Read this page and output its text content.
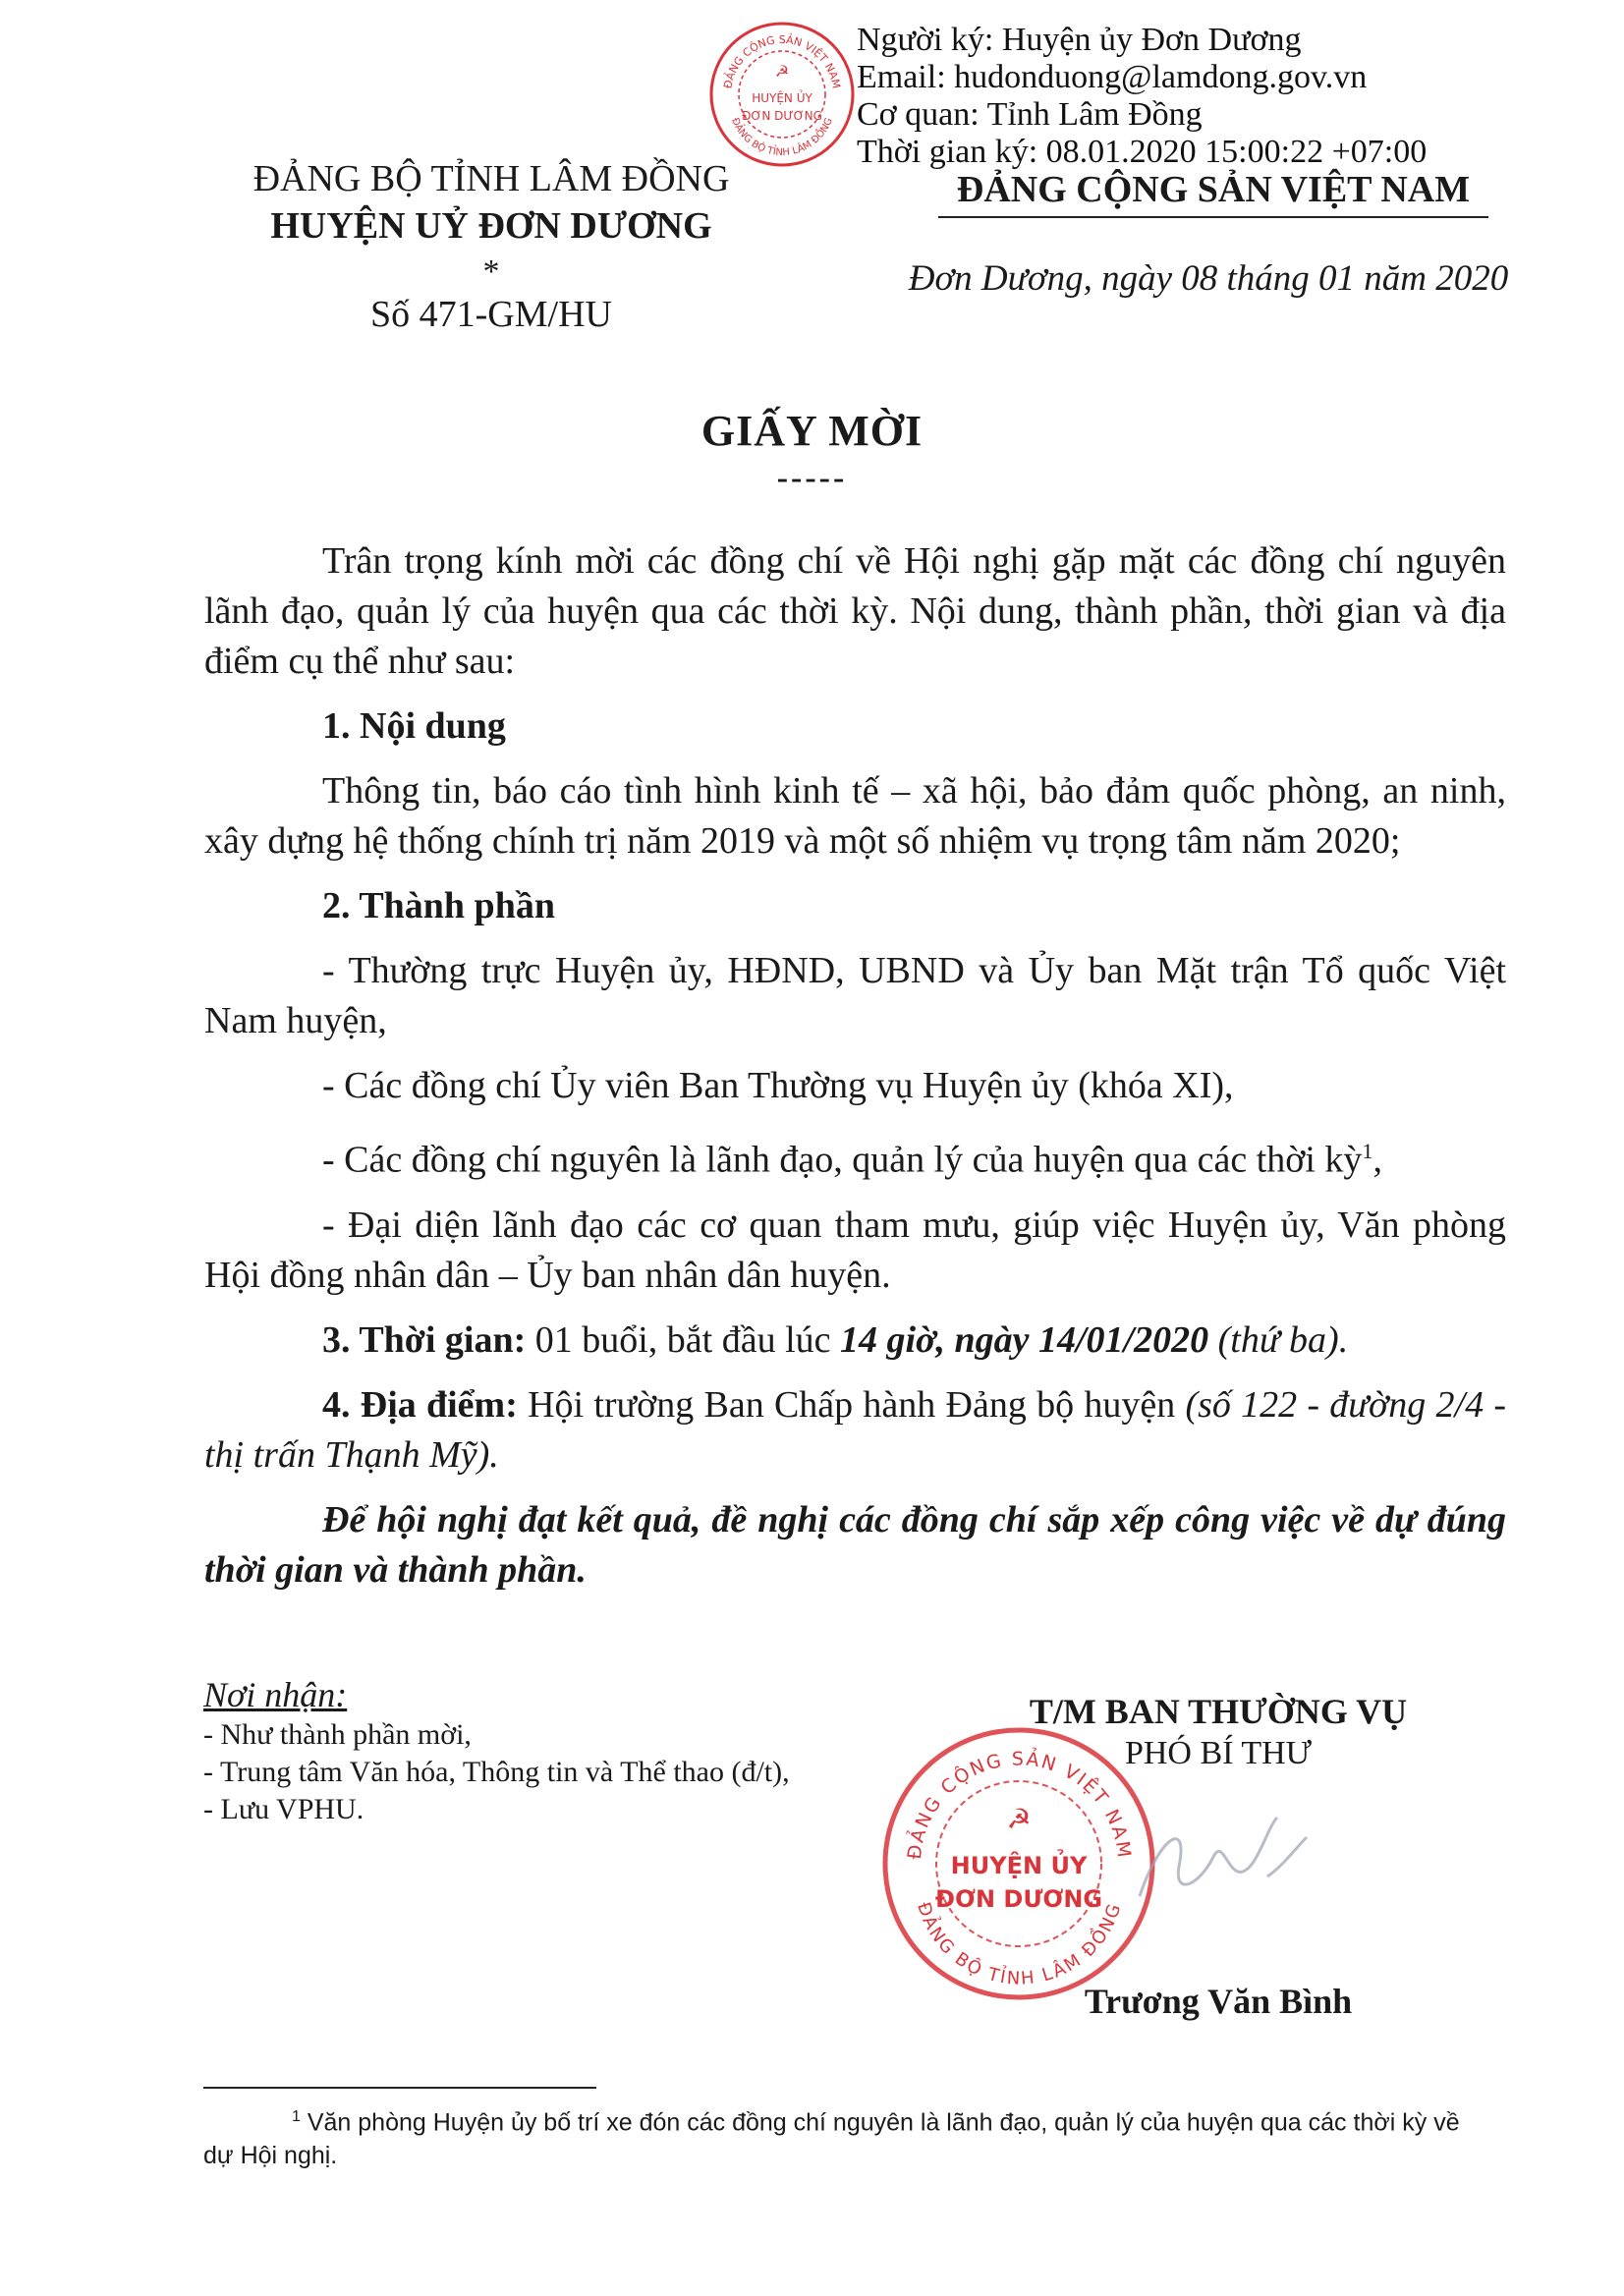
ĐẢNG CỘNG SẢN VIỆT NAM
ĐẢNG BỘ TỈNH LÂM ĐỒNG
☭
HUYỆN ỦY
ĐƠN DƯƠNG
Người ký: Huyện ủy Đơn Dương
Email: hudonduong@lamdong.gov.vn
Cơ quan: Tỉnh Lâm Đồng
Thời gian ký: 08.01.2020 15:00:22 +07:00
ĐẢNG BỘ TỈNH LÂM ĐỒNG
HUYỆN UỶ ĐƠN DƯƠNG
*
Số 471-GM/HU
ĐẢNG CỘNG SẢN VIỆT NAM
Đơn Dương, ngày 08 tháng 01 năm 2020
GIẤY MỜI
-----
Trân trọng kính mời các đồng chí về Hội nghị gặp mặt các đồng chí nguyên lãnh đạo, quản lý của huyện qua các thời kỳ. Nội dung, thành phần, thời gian và địa điểm cụ thể như sau:
1. Nội dung
Thông tin, báo cáo tình hình kinh tế – xã hội, bảo đảm quốc phòng, an ninh, xây dựng hệ thống chính trị năm 2019 và một số nhiệm vụ trọng tâm năm 2020;
2. Thành phần
- Thường trực Huyện ủy, HĐND, UBND và Ủy ban Mặt trận Tổ quốc Việt Nam huyện,
- Các đồng chí Ủy viên Ban Thường vụ Huyện ủy (khóa XI),
- Các đồng chí nguyên là lãnh đạo, quản lý của huyện qua các thời kỳ$^1$,
- Đại diện lãnh đạo các cơ quan tham mưu, giúp việc Huyện ủy, Văn phòng Hội đồng nhân dân – Ủy ban nhân dân huyện.
3. Thời gian: 01 buổi, bắt đầu lúc 14 giờ, ngày 14/01/2020 (thứ ba).
4. Địa điểm: Hội trường Ban Chấp hành Đảng bộ huyện (số 122 - đường 2/4 - thị trấn Thạnh Mỹ).
Để hội nghị đạt kết quả, đề nghị các đồng chí sắp xếp công việc về dự đúng thời gian và thành phần.
Nơi nhận:
- Như thành phần mời,
- Trung tâm Văn hóa, Thông tin và Thể thao (đ/t),
- Lưu VPHU.
T/M BAN THƯỜNG VỤ
PHÓ BÍ THƯ
Trương Văn Bình
ĐẢNG CỘNG SẢN VIỆT NAM
ĐẢNG BỘ TỈNH LÂM ĐỒNG
☭
HUYỆN ỦY
ĐƠN DƯƠNG
$^1$ Văn phòng Huyện ủy bố trí xe đón các đồng chí nguyên là lãnh đạo, quản lý của huyện qua các thời kỳ về dự Hội nghị.
